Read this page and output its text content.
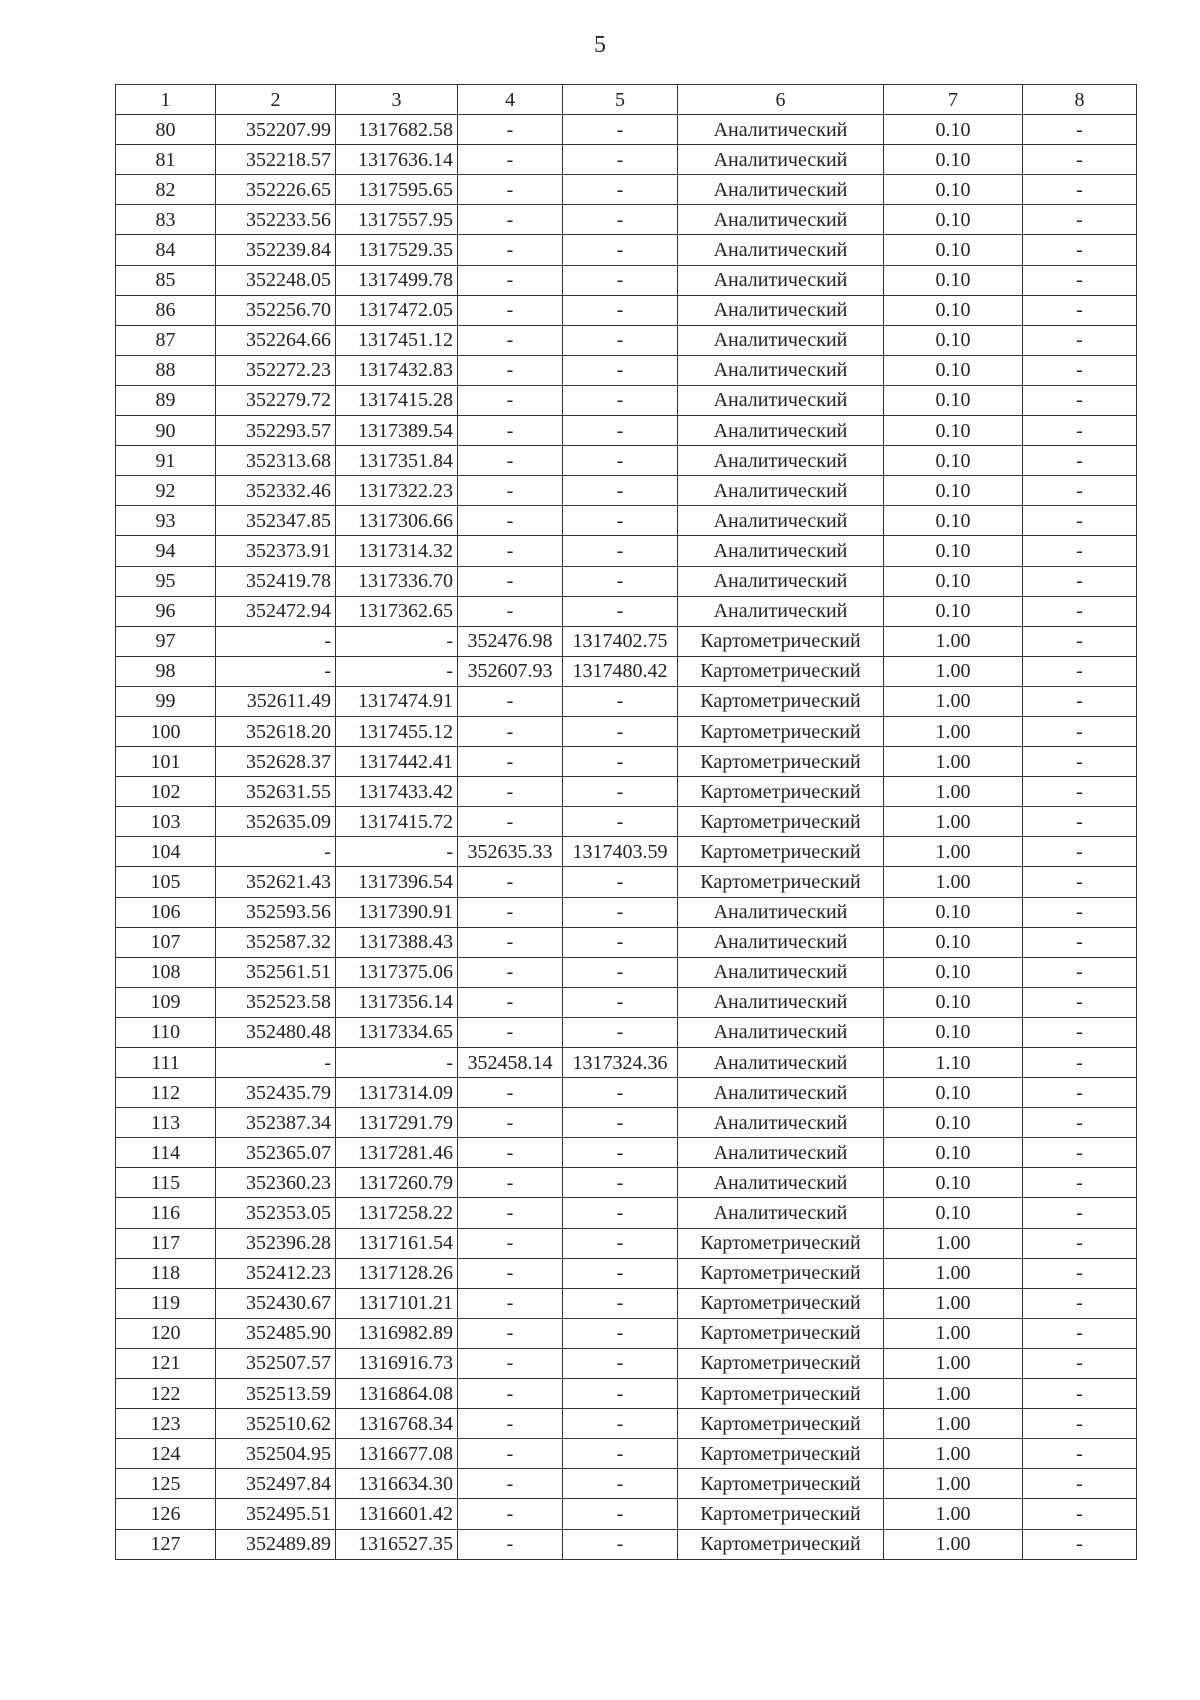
5
1	2	3	4	5	6	7	8
80	352207.99	1317682.58	-	-	Аналитический	0.10	-
81	352218.57	1317636.14	-	-	Аналитический	0.10	-
82	352226.65	1317595.65	-	-	Аналитический	0.10	-
83	352233.56	1317557.95	-	-	Аналитический	0.10	-
84	352239.84	1317529.35	-	-	Аналитический	0.10	-
85	352248.05	1317499.78	-	-	Аналитический	0.10	-
86	352256.70	1317472.05	-	-	Аналитический	0.10	-
87	352264.66	1317451.12	-	-	Аналитический	0.10	-
88	352272.23	1317432.83	-	-	Аналитический	0.10	-
89	352279.72	1317415.28	-	-	Аналитический	0.10	-
90	352293.57	1317389.54	-	-	Аналитический	0.10	-
91	352313.68	1317351.84	-	-	Аналитический	0.10	-
92	352332.46	1317322.23	-	-	Аналитический	0.10	-
93	352347.85	1317306.66	-	-	Аналитический	0.10	-
94	352373.91	1317314.32	-	-	Аналитический	0.10	-
95	352419.78	1317336.70	-	-	Аналитический	0.10	-
96	352472.94	1317362.65	-	-	Аналитический	0.10	-
97	-	-	352476.98	1317402.75	Картометрический	1.00	-
98	-	-	352607.93	1317480.42	Картометрический	1.00	-
99	352611.49	1317474.91	-	-	Картометрический	1.00	-
100	352618.20	1317455.12	-	-	Картометрический	1.00	-
101	352628.37	1317442.41	-	-	Картометрический	1.00	-
102	352631.55	1317433.42	-	-	Картометрический	1.00	-
103	352635.09	1317415.72	-	-	Картометрический	1.00	-
104	-	-	352635.33	1317403.59	Картометрический	1.00	-
105	352621.43	1317396.54	-	-	Картометрический	1.00	-
106	352593.56	1317390.91	-	-	Аналитический	0.10	-
107	352587.32	1317388.43	-	-	Аналитический	0.10	-
108	352561.51	1317375.06	-	-	Аналитический	0.10	-
109	352523.58	1317356.14	-	-	Аналитический	0.10	-
110	352480.48	1317334.65	-	-	Аналитический	0.10	-
111	-	-	352458.14	1317324.36	Аналитический	1.10	-
112	352435.79	1317314.09	-	-	Аналитический	0.10	-
113	352387.34	1317291.79	-	-	Аналитический	0.10	-
114	352365.07	1317281.46	-	-	Аналитический	0.10	-
115	352360.23	1317260.79	-	-	Аналитический	0.10	-
116	352353.05	1317258.22	-	-	Аналитический	0.10	-
117	352396.28	1317161.54	-	-	Картометрический	1.00	-
118	352412.23	1317128.26	-	-	Картометрический	1.00	-
119	352430.67	1317101.21	-	-	Картометрический	1.00	-
120	352485.90	1316982.89	-	-	Картометрический	1.00	-
121	352507.57	1316916.73	-	-	Картометрический	1.00	-
122	352513.59	1316864.08	-	-	Картометрический	1.00	-
123	352510.62	1316768.34	-	-	Картометрический	1.00	-
124	352504.95	1316677.08	-	-	Картометрический	1.00	-
125	352497.84	1316634.30	-	-	Картометрический	1.00	-
126	352495.51	1316601.42	-	-	Картометрический	1.00	-
127	352489.89	1316527.35	-	-	Картометрический	1.00	-
